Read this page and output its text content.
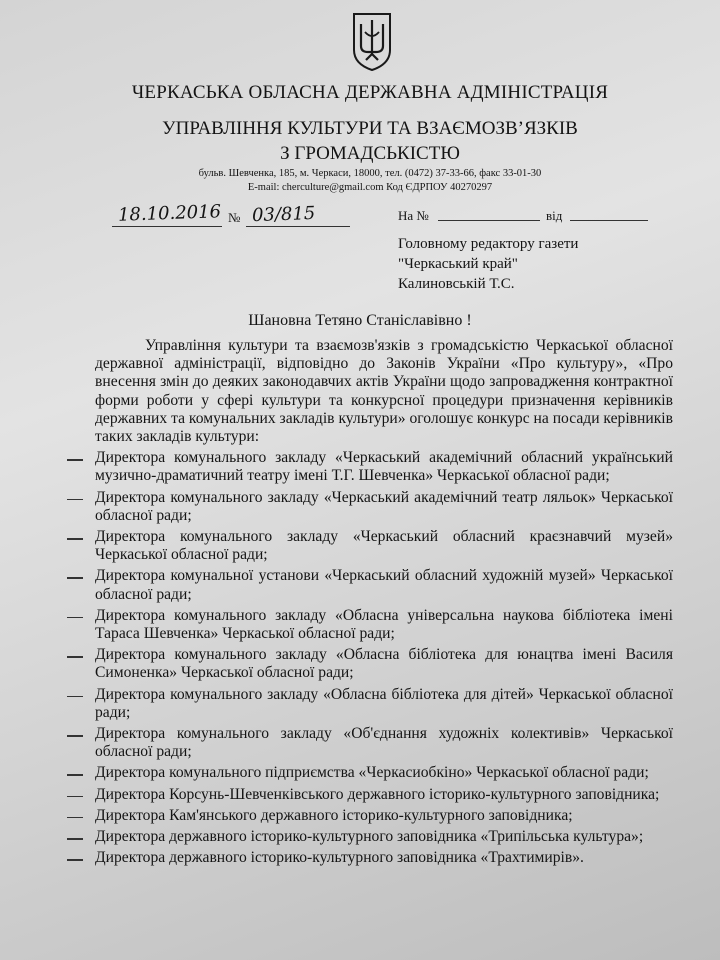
ЧЕРКАСЬКА ОБЛАСНА ДЕРЖАВНА АДМІНІСТРАЦІЯ
УПРАВЛІННЯ КУЛЬТУРИ ТА ВЗАЄМОЗВ’ЯЗКІВ
З ГРОМАДСЬКІСТЮ
бульв. Шевченка, 185, м. Черкаси, 18000, тел. (0472) 37-33-66, факс 33-01-30
E-mail: cherculture@gmail.com Код ЄДРПОУ 40270297
18.10.2016 № 03/815	На №	від
Головному редактору газети
"Черкаський край"
Калиновській Т.С.
Шановна Тетяно Станіславівно !

Управління культури та взаємозв'язків з громадськістю Черкаської обласної державної адміністрації, відповідно до Законів України «Про культуру», «Про внесення змін до деяких законодавчих актів України щодо запровадження контрактної форми роботи у сфері культури та конкурсної процедури призначення керівників державних та комунальних закладів культури» оголошує конкурс на посади керівників таких закладів культури:

Директора комунального закладу «Черкаський академічний обласний український музично-драматичний театру імені Т.Г. Шевченка» Черкаської обласної ради;

Директора комунального закладу «Черкаський академічний театр ляльок» Черкаської обласної ради;

Директора комунального закладу «Черкаський обласний краєзнавчий музей» Черкаської обласної ради;

Директора комунальної установи «Черкаський обласний художній музей» Черкаської обласної ради;

Директора комунального закладу «Обласна універсальна наукова бібліотека імені Тараса Шевченка» Черкаської обласної ради;

Директора комунального закладу «Обласна бібліотека для юнацтва імені Василя Симоненка» Черкаської обласної ради;

Директора комунального закладу «Обласна бібліотека для дітей» Черкаської обласної ради;

Директора комунального закладу «Об'єднання художніх колективів» Черкаської обласної ради;

Директора комунального підприємства «Черкасиобкіно» Черкаської обласної ради;

Директора Корсунь-Шевченківського державного історико-культурного заповідника;

Директора Кам'янського державного історико-культурного заповідника;

Директора державного історико-культурного заповідника «Трипільська культура»;

Директора державного історико-культурного заповідника «Трахтимирів».
